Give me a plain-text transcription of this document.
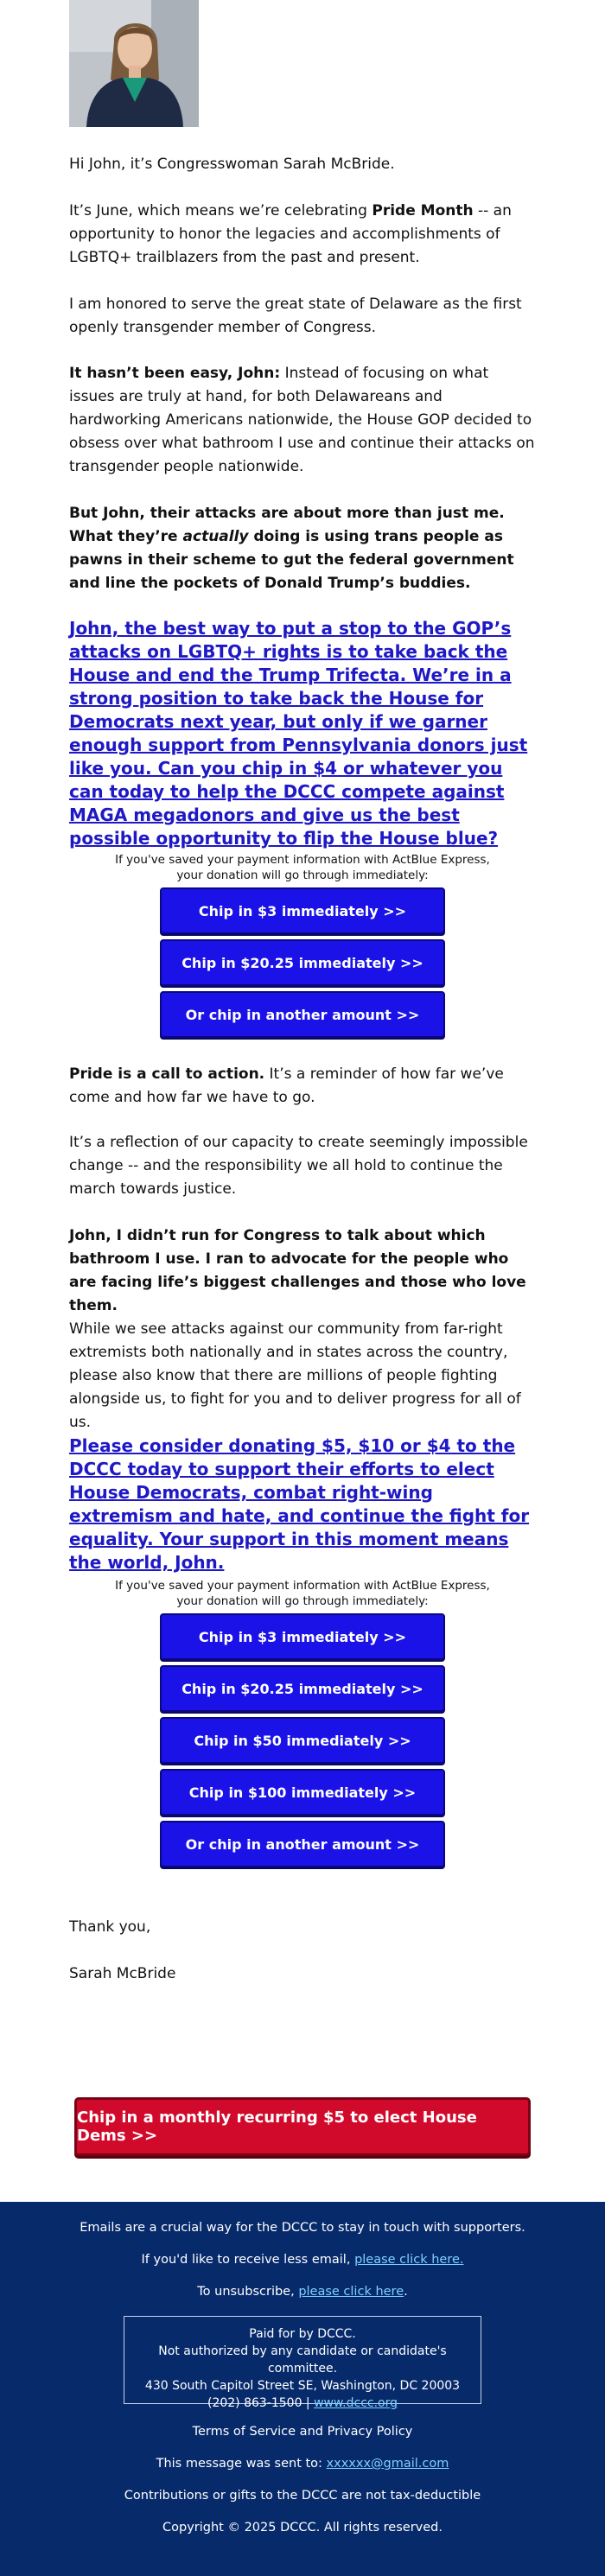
Hi John, it’s Congresswoman Sarah McBride.
It’s June, which means we’re celebrating Pride Month -- an opportunity to honor the legacies and accomplishments of LGBTQ+ trailblazers from the past and present.
I am honored to serve the great state of Delaware as the first openly transgender member of Congress.
It hasn’t been easy, John: Instead of focusing on what issues are truly at hand, for both Delawareans and hardworking Americans nationwide, the House GOP decided to obsess over what bathroom I use and continue their attacks on transgender people nationwide.
But John, their attacks are about more than just me. What they’re actually doing is using trans people as pawns in their scheme to gut the federal government and line the pockets of Donald Trump’s buddies.
John, the best way to put a stop to the GOP’s attacks on LGBTQ+ rights is to take back the House and end the Trump Trifecta. We’re in a strong position to take back the House for Democrats next year, but only if we garner enough support from Pennsylvania donors just like you. Can you chip in $4 or whatever you can today to help the DCCC compete against MAGA megadonors and give us the best possible opportunity to flip the House blue?
If you've saved your payment information with ActBlue Express,
your donation will go through immediately:
Chip in $3 immediately >>
Chip in $20.25 immediately >>
Or chip in another amount >>
Pride is a call to action. It’s a reminder of how far we’ve come and how far we have to go.
It’s a reflection of our capacity to create seemingly impossible change -- and the responsibility we all hold to continue the march towards justice.
John, I didn’t run for Congress to talk about which bathroom I use. I ran to advocate for the people who are facing life’s biggest challenges and those who love them.
While we see attacks against our community from far-right extremists both nationally and in states across the country, please also know that there are millions of people fighting alongside us, to fight for you and to deliver progress for all of us.
Please consider donating $5, $10 or $4 to the DCCC today to support their efforts to elect House Democrats, combat right-wing extremism and hate, and continue the fight for equality. Your support in this moment means the world, John.
If you've saved your payment information with ActBlue Express,
your donation will go through immediately:
Chip in $3 immediately >>
Chip in $20.25 immediately >>
Chip in $50 immediately >>
Chip in $100 immediately >>
Or chip in another amount >>
Thank you,
Sarah McBride
Chip in a monthly recurring $5 to elect House Dems >>
Emails are a crucial way for the DCCC to stay in touch with supporters.
If you'd like to receive less email, please click here.
To unsubscribe, please click here.
Paid for by DCCC.
Not authorized by any candidate or candidate's committee.
430 South Capitol Street SE, Washington, DC 20003
(202) 863-1500 | www.dccc.org
Terms of Service and Privacy Policy
This message was sent to: xxxxxx@gmail.com
Contributions or gifts to the DCCC are not tax-deductible
Copyright © 2025 DCCC. All rights reserved.
